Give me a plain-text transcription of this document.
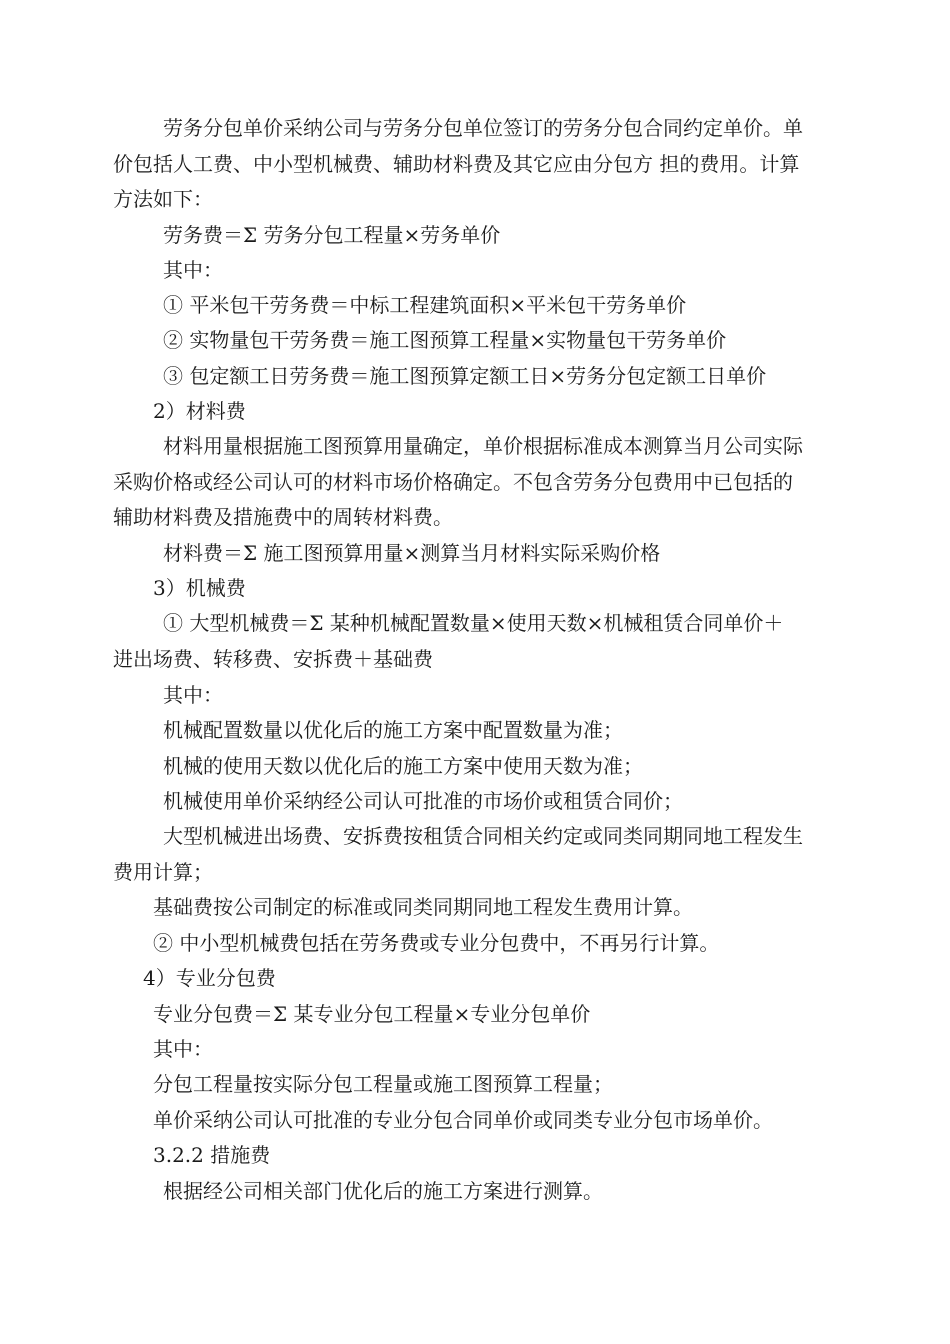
劳务分包单价采纳公司与劳务分包单位签订的劳务分包合同约定单价。单
价包括人工费、中小型机械费、辅助材料费及其它应由分包方 担的费用。计算
方法如下：
劳务费＝Σ 劳务分包工程量×劳务单价
其中：
① 平米包干劳务费＝中标工程建筑面积×平米包干劳务单价
② 实物量包干劳务费＝施工图预算工程量×实物量包干劳务单价
③ 包定额工日劳务费＝施工图预算定额工日×劳务分包定额工日单价
2）材料费
材料用量根据施工图预算用量确定，单价根据标准成本测算当月公司实际
采购价格或经公司认可的材料市场价格确定。不包含劳务分包费用中已包括的
辅助材料费及措施费中的周转材料费。
材料费＝Σ 施工图预算用量×测算当月材料实际采购价格
3）机械费
① 大型机械费＝Σ 某种机械配置数量×使用天数×机械租赁合同单价＋
进出场费、转移费、安拆费＋基础费
其中：
机械配置数量以优化后的施工方案中配置数量为准；
机械的使用天数以优化后的施工方案中使用天数为准；
机械使用单价采纳经公司认可批准的市场价或租赁合同价；
大型机械进出场费、安拆费按租赁合同相关约定或同类同期同地工程发生
费用计算；
基础费按公司制定的标准或同类同期同地工程发生费用计算。
② 中小型机械费包括在劳务费或专业分包费中，不再另行计算。
4）专业分包费
专业分包费＝Σ 某专业分包工程量×专业分包单价
其中：
分包工程量按实际分包工程量或施工图预算工程量；
单价采纳公司认可批准的专业分包合同单价或同类专业分包市场单价。
3.2.2 措施费
根据经公司相关部门优化后的施工方案进行测算。
